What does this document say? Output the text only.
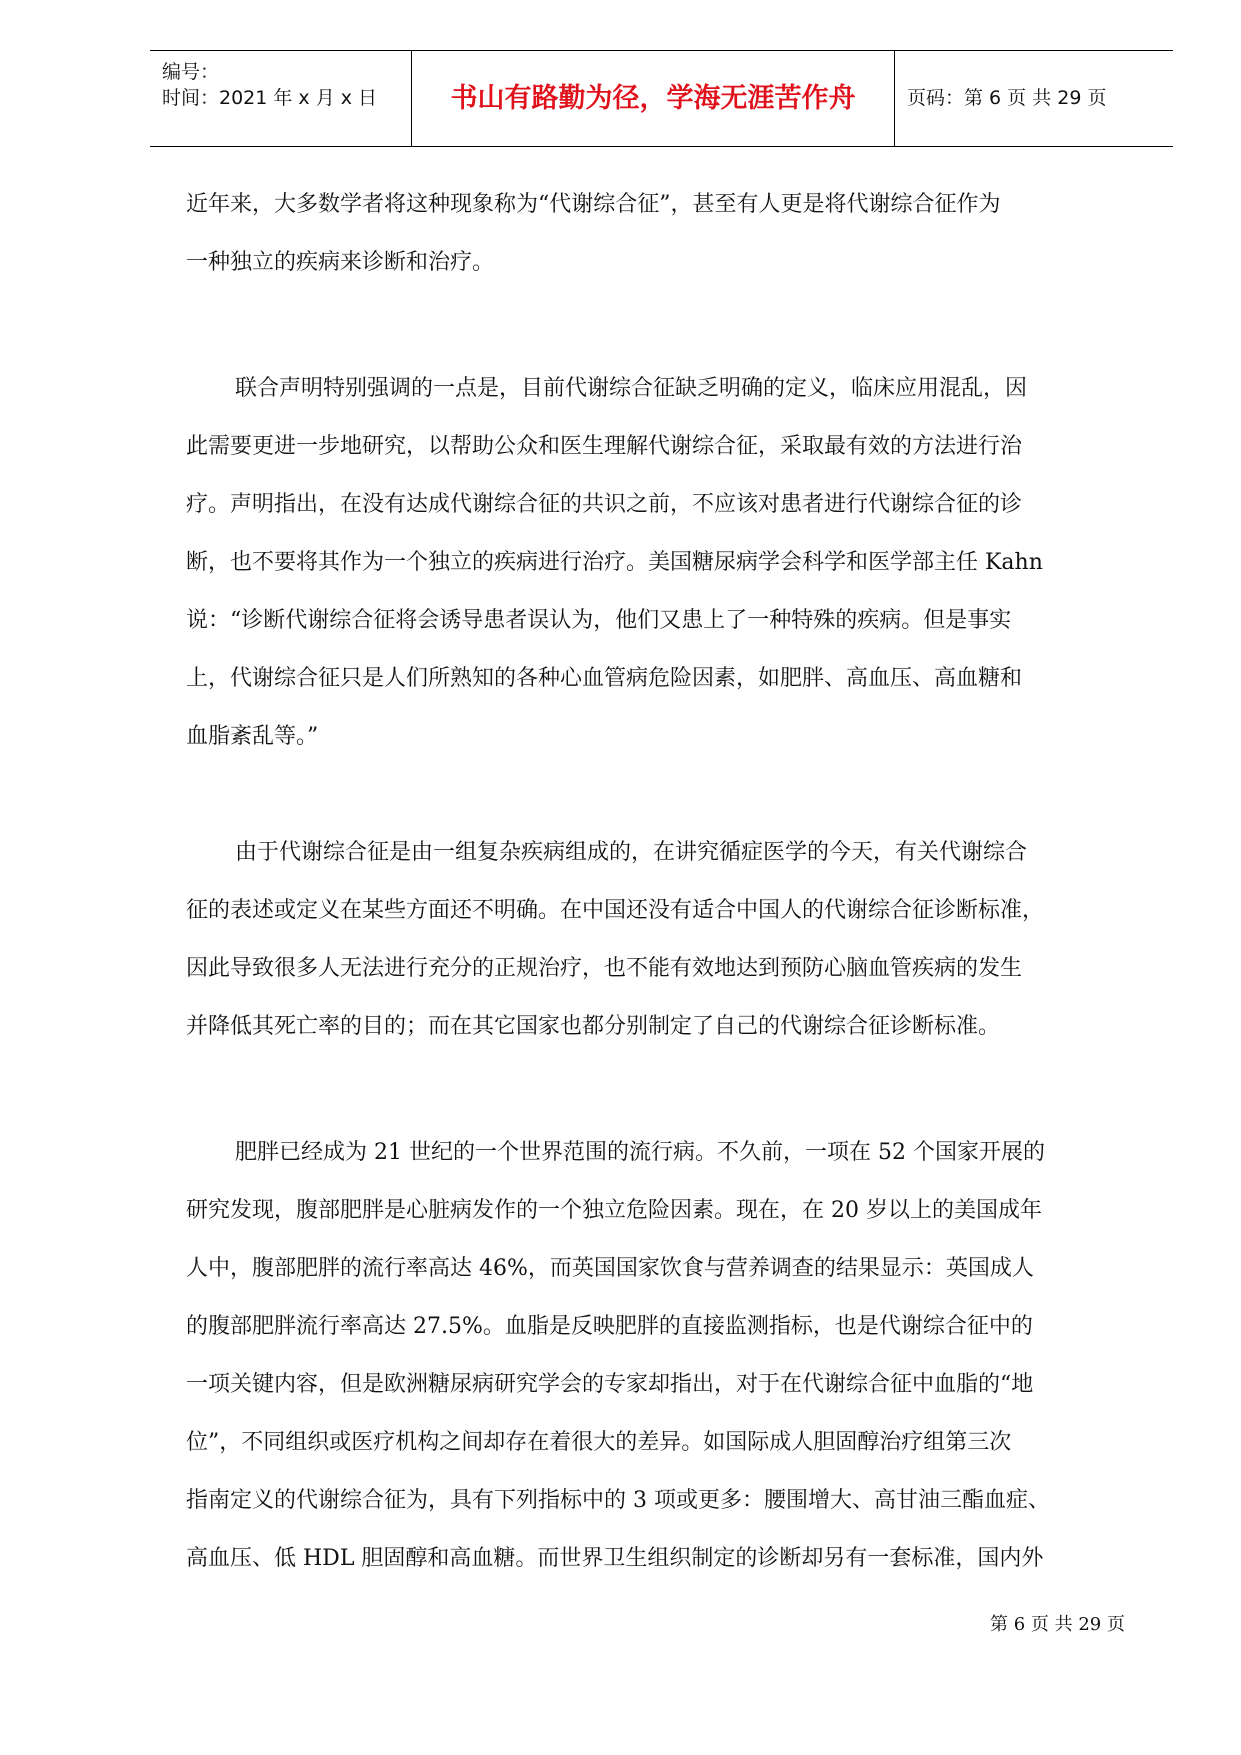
编号：
时间：2021 年 x 月 x 日	书山有路勤为径，学海无涯苦作舟	页码：第 6 页 共 29 页
近年来，大多数学者将这种现象称为“代谢综合征”，甚至有人更是将代谢综合征作为
一种独立的疾病来诊断和治疗。
联合声明特别强调的一点是，目前代谢综合征缺乏明确的定义，临床应用混乱，因
此需要更进一步地研究，以帮助公众和医生理解代谢综合征，采取最有效的方法进行治
疗。声明指出，在没有达成代谢综合征的共识之前，不应该对患者进行代谢综合征的诊
断，也不要将其作为一个独立的疾病进行治疗。美国糖尿病学会科学和医学部主任 Kahn
说：“诊断代谢综合征将会诱导患者误认为，他们又患上了一种特殊的疾病。但是事实
上，代谢综合征只是人们所熟知的各种心血管病危险因素，如肥胖、高血压、高血糖和
血脂紊乱等。”
由于代谢综合征是由一组复杂疾病组成的，在讲究循症医学的今天，有关代谢综合
征的表述或定义在某些方面还不明确。在中国还没有适合中国人的代谢综合征诊断标准，
因此导致很多人无法进行充分的正规治疗，也不能有效地达到预防心脑血管疾病的发生
并降低其死亡率的目的；而在其它国家也都分别制定了自己的代谢综合征诊断标准。
肥胖已经成为 21 世纪的一个世界范围的流行病。不久前，一项在 52 个国家开展的
研究发现，腹部肥胖是心脏病发作的一个独立危险因素。现在，在 20 岁以上的美国成年
人中，腹部肥胖的流行率高达 46%，而英国国家饮食与营养调查的结果显示：英国成人
的腹部肥胖流行率高达 27.5%。血脂是反映肥胖的直接监测指标，也是代谢综合征中的
一项关键内容，但是欧洲糖尿病研究学会的专家却指出，对于在代谢综合征中血脂的“地
位”，不同组织或医疗机构之间却存在着很大的差异。如国际成人胆固醇治疗组第三次
指南定义的代谢综合征为，具有下列指标中的 3 项或更多：腰围增大、高甘油三酯血症、
高血压、低 HDL 胆固醇和高血糖。而世界卫生组织制定的诊断却另有一套标准，国内外
第 6 页 共 29 页
